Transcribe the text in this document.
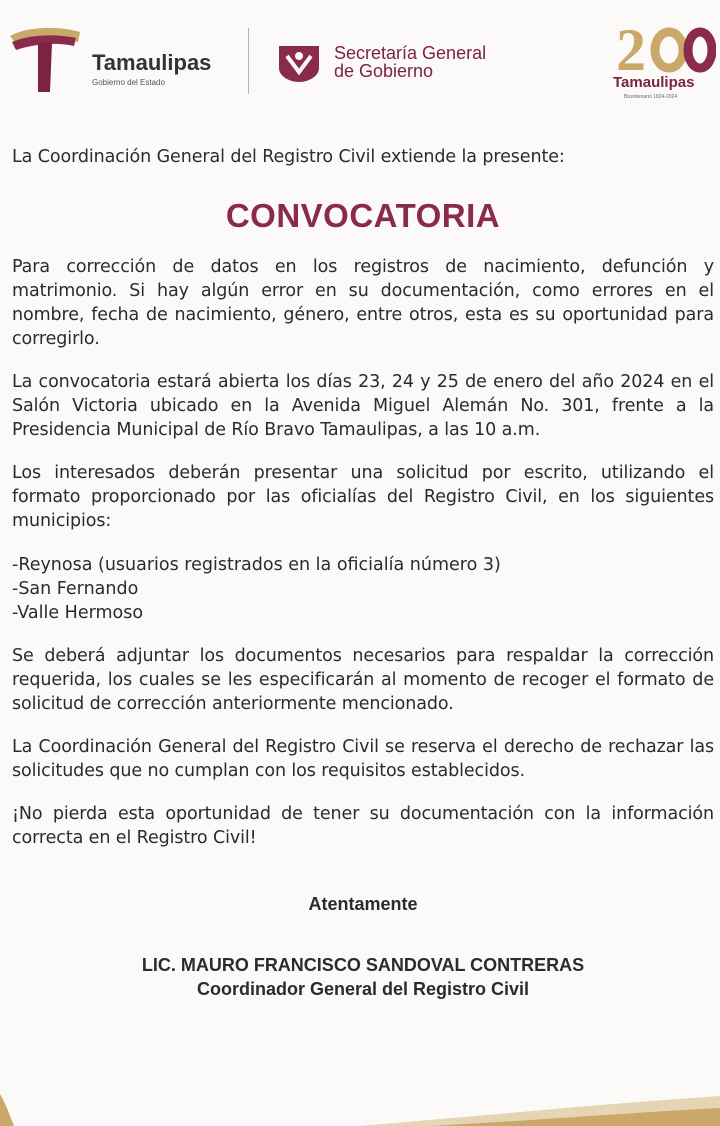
Tamaulipas
Gobierno del Estado
Secretaría General
de Gobierno	2
Tamaulipas
Bicentenario 1824-2024

La Coordinación General del Registro Civil extiende la presente:

CONVOCATORIA

Para corrección de datos en los registros de nacimiento, defunción y matrimonio. Si hay algún error en su documentación, como errores en el nombre, fecha de nacimiento, género, entre otros, esta es su oportunidad para corregirlo.

La convocatoria estará abierta los días 23, 24 y 25 de enero del año 2024 en el Salón Victoria ubicado en la Avenida Miguel Alemán No. 301, frente a la Presidencia Municipal de Río Bravo Tamaulipas, a las 10 a.m.

Los interesados deberán presentar una solicitud por escrito, utilizando el formato proporcionado por las oficialías del Registro Civil, en los siguientes municipios:

-Reynosa (usuarios registrados en la oficialía número 3)
-San Fernando
-Valle Hermoso

Se deberá adjuntar los documentos necesarios para respaldar la corrección requerida, los cuales se les especificarán al momento de recoger el formato de solicitud de corrección anteriormente mencionado.

La Coordinación General del Registro Civil se reserva el derecho de rechazar las solicitudes que no cumplan con los requisitos establecidos.

¡No pierda esta oportunidad de tener su documentación con la información correcta en el Registro Civil!

Atentamente
LIC. MAURO FRANCISCO SANDOVAL CONTRERAS
Coordinador General del Registro Civil
